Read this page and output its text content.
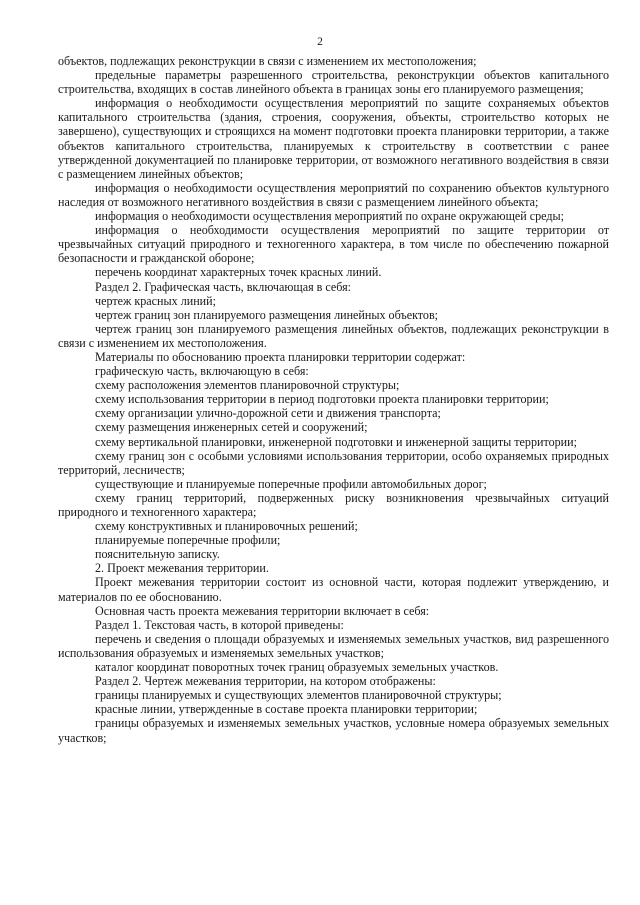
2

объектов, подлежащих реконструкции в связи с изменением их местоположения;

предельные параметры разрешенного строительства, реконструкции объектов капитального строительства, входящих в состав линейного объекта в границах зоны его планируемого размещения;

информация о необходимости осуществления мероприятий по защите сохраняемых объектов капитального строительства (здания, строения, сооружения, объекты, строительство которых не завершено), существующих и строящихся на момент подготовки проекта планировки территории, а также объектов капитального строительства, планируемых к строительству в соответствии с ранее утвержденной документацией по планировке территории, от возможного негативного воздействия в связи с размещением линейных объектов;

информация о необходимости осуществления мероприятий по сохранению объектов культурного наследия от возможного негативного воздействия в связи с размещением линейного объекта;

информация о необходимости осуществления мероприятий по охране окружающей среды;

информация о необходимости осуществления мероприятий по защите территории от чрезвычайных ситуаций природного и техногенного характера, в том числе по обеспечению пожарной безопасности и гражданской обороне;

перечень координат характерных точек красных линий.

Раздел 2. Графическая часть, включающая в себя:

чертеж красных линий;

чертеж границ зон планируемого размещения линейных объектов;

чертеж границ зон планируемого размещения линейных объектов, подлежащих реконструкции в связи с изменением их местоположения.

Материалы по обоснованию проекта планировки территории содержат:

графическую часть, включающую в себя:

схему расположения элементов планировочной структуры;

схему использования территории в период подготовки проекта планировки территории;

схему организации улично-дорожной сети и движения транспорта;

схему размещения инженерных сетей и сооружений;

схему вертикальной планировки, инженерной подготовки и инженерной защиты территории;

схему границ зон с особыми условиями использования территории, особо охраняемых природных территорий, лесничеств;

существующие и планируемые поперечные профили автомобильных дорог;

схему границ территорий, подверженных риску возникновения чрезвычайных ситуаций природного и техногенного характера;

схему конструктивных и планировочных решений;

планируемые поперечные профили;

пояснительную записку.

2. Проект межевания территории.

Проект межевания территории состоит из основной части, которая подлежит утверждению, и материалов по ее обоснованию.

Основная часть проекта межевания территории включает в себя:

Раздел 1. Текстовая часть, в которой приведены:

перечень и сведения о площади образуемых и изменяемых земельных участков, вид разрешенного использования образуемых и изменяемых земельных участков;

каталог координат поворотных точек границ образуемых земельных участков.

Раздел 2. Чертеж межевания территории, на котором отображены:

границы планируемых и существующих элементов планировочной структуры;

красные линии, утвержденные в составе проекта планировки территории;

границы образуемых и изменяемых земельных участков, условные номера образуемых земельных участков;
